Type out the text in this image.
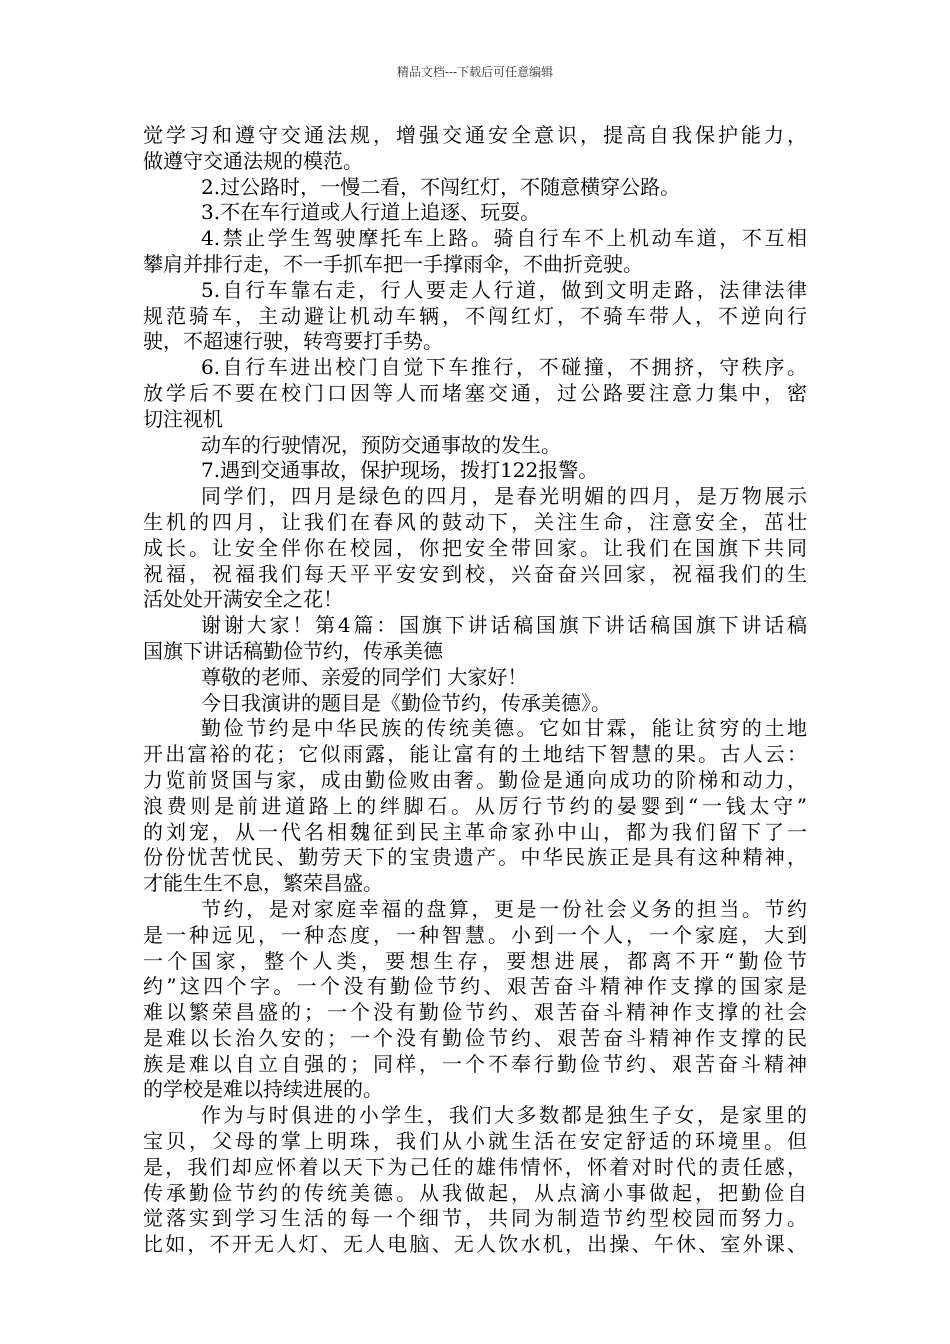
精品文档---下载后可任意编辑
觉学习和遵守交通法规，增强交通安全意识，提高自我保护能力，
做遵守交通法规的模范。
2.过公路时，一慢二看，不闯红灯，不随意横穿公路。
3.不在车行道或人行道上追逐、玩耍。
4.禁止学生驾驶摩托车上路。骑自行车不上机动车道，不互相
攀肩并排行走，不一手抓车把一手撑雨伞，不曲折竞驶。
5.自行车靠右走，行人要走人行道，做到文明走路，法律法律
规范骑车，主动避让机动车辆，不闯红灯，不骑车带人，不逆向行
驶，不超速行驶，转弯要打手势。
6.自行车进出校门自觉下车推行，不碰撞，不拥挤，守秩序。
放学后不要在校门口因等人而堵塞交通，过公路要注意力集中，密
切注视机
动车的行驶情况，预防交通事故的发生。
7.遇到交通事故，保护现场，拨打122报警。
同学们，四月是绿色的四月，是春光明媚的四月，是万物展示
生机的四月，让我们在春风的鼓动下，关注生命，注意安全，茁壮
成长。让安全伴你在校园，你把安全带回家。让我们在国旗下共同
祝福，祝福我们每天平平安安到校，兴奋奋兴回家，祝福我们的生
活处处开满安全之花！
谢谢大家！第4篇：国旗下讲话稿国旗下讲话稿国旗下讲话稿
国旗下讲话稿勤俭节约，传承美德
尊敬的老师、亲爱的同学们 大家好！
今日我演讲的题目是《勤俭节约，传承美德》。
勤俭节约是中华民族的传统美德。它如甘霖，能让贫穷的土地
开出富裕的花；它似雨露，能让富有的土地结下智慧的果。古人云：
力览前贤国与家，成由勤俭败由奢。勤俭是通向成功的阶梯和动力，
浪费则是前进道路上的绊脚石。从厉行节约的晏婴到“一钱太守”
的刘宠，从一代名相魏征到民主革命家孙中山，都为我们留下了一
份份忧苦忧民、勤劳天下的宝贵遗产。中华民族正是具有这种精神，
才能生生不息，繁荣昌盛。
节约，是对家庭幸福的盘算，更是一份社会义务的担当。节约
是一种远见，一种态度，一种智慧。小到一个人，一个家庭，大到
一个国家，整个人类，要想生存，要想进展，都离不开“勤俭节
约”这四个字。一个没有勤俭节约、艰苦奋斗精神作支撑的国家是
难以繁荣昌盛的；一个没有勤俭节约、艰苦奋斗精神作支撑的社会
是难以长治久安的；一个没有勤俭节约、艰苦奋斗精神作支撑的民
族是难以自立自强的；同样，一个不奉行勤俭节约、艰苦奋斗精神
的学校是难以持续进展的。
作为与时俱进的小学生，我们大多数都是独生子女，是家里的
宝贝，父母的掌上明珠，我们从小就生活在安定舒适的环境里。但
是，我们却应怀着以天下为己任的雄伟情怀，怀着对时代的责任感，
传承勤俭节约的传统美德。从我做起，从点滴小事做起，把勤俭自
觉落实到学习生活的每一个细节，共同为制造节约型校园而努力。
比如，不开无人灯、无人电脑、无人饮水机，出操、午休、室外课、
